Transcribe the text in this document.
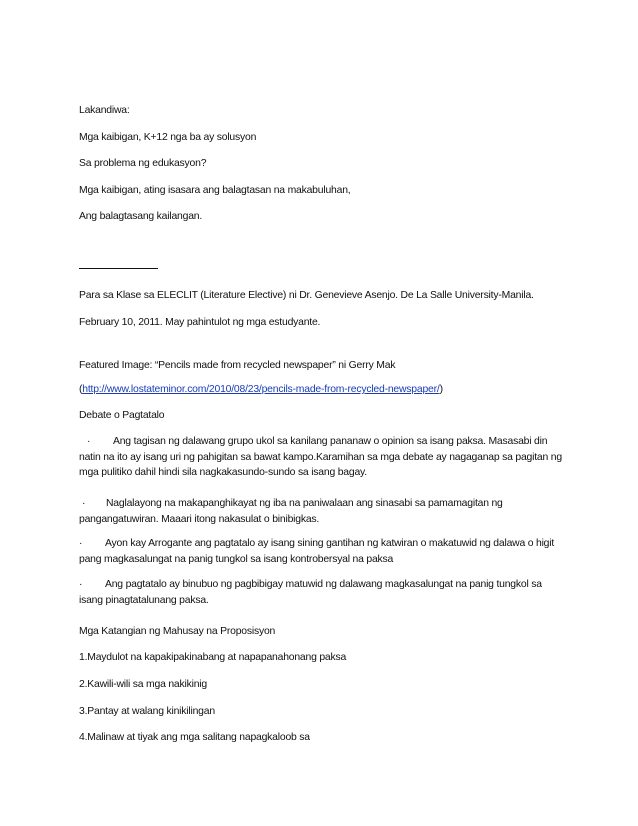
Lakandiwa:
Mga kaibigan, K+12 nga ba ay solusyon
Sa problema ng edukasyon?
Mga kaibigan, ating isasara ang balagtasan na makabuluhan,
Ang balagtasang kailangan.
Para sa Klase sa ELECLIT (Literature Elective) ni Dr. Genevieve Asenjo. De La Salle University-Manila.
February 10, 2011. May pahintulot ng mga estudyante.
Featured Image: “Pencils made from recycled newspaper” ni Gerry Mak
(http://www.lostateminor.com/2010/08/23/pencils-made-from-recycled-newspaper/)
Debate o Pagtatalo
· Ang tagisan ng dalawang grupo ukol sa kanilang pananaw o opinion sa isang paksa. Masasabi din natin na ito ay isang uri ng pahigitan sa bawat kampo.Karamihan sa mga debate ay nagaganap sa pagitan ng mga pulitiko dahil hindi sila nagkakasundo-sundo sa isang bagay.
· Naglalayong na makapanghikayat ng iba na paniwalaan ang sinasabi sa pamamagitan ng pangangatuwiran. Maaari itong nakasulat o binibigkas.
· Ayon kay Arrogante ang pagtatalo ay isang sining gantihan ng katwiran o makatuwid ng dalawa o higit pang magkasalungat na panig tungkol sa isang kontrobersyal na paksa
· Ang pagtatalo ay binubuo ng pagbibigay matuwid ng dalawang magkasalungat na panig tungkol sa isang pinagtatalunang paksa.
Mga Katangian ng Mahusay na Proposisyon
1.Maydulot na kapakipakinabang at napapanahonang paksa
2.Kawili-wili sa mga nakikinig
3.Pantay at walang kinikilingan
4.Malinaw at tiyak ang mga salitang napagkaloob sa
